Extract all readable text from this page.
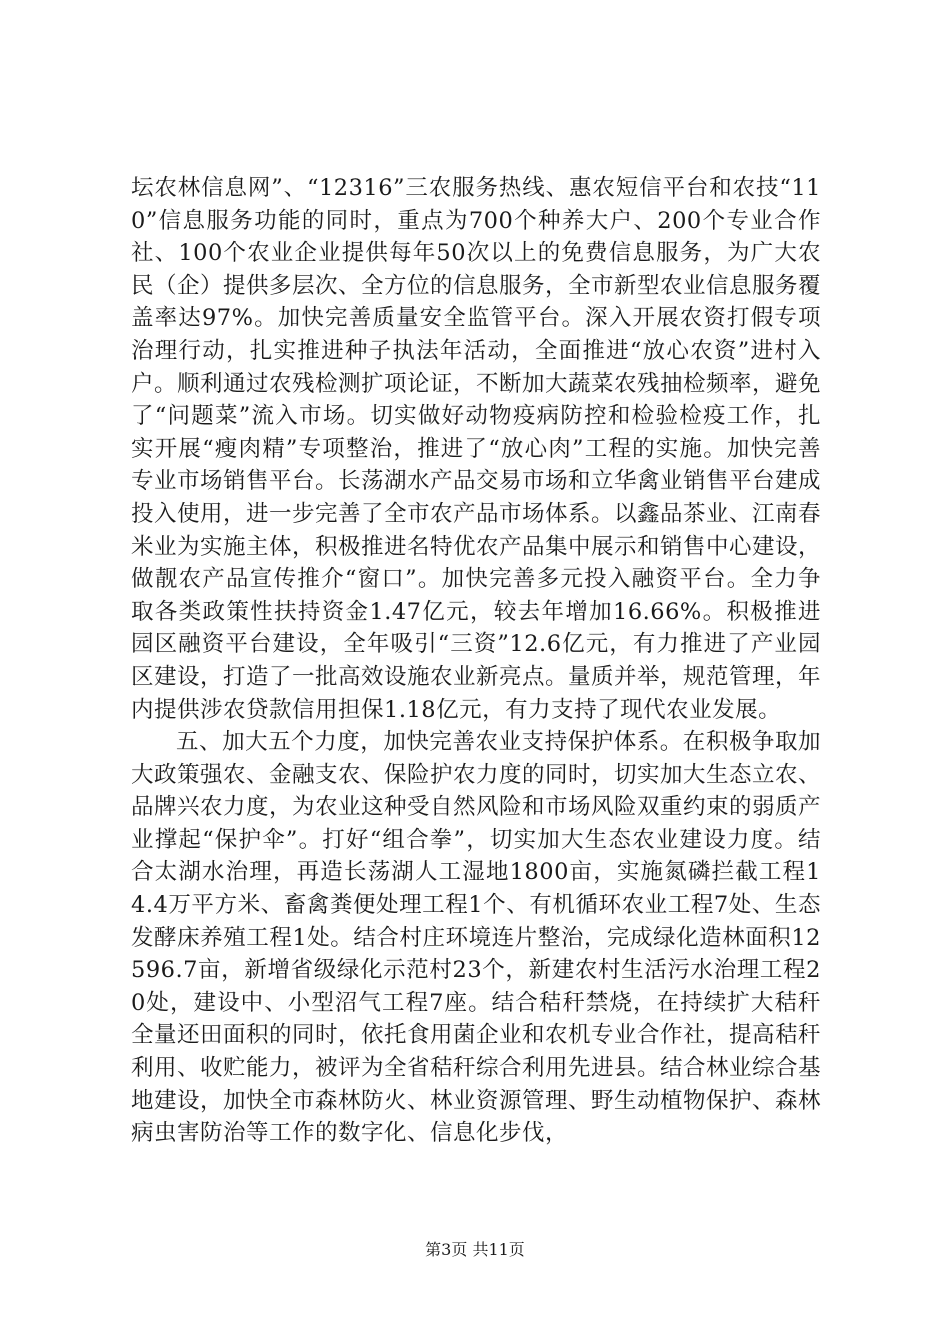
坛农林信息网”、“12316”三农服务热线、惠农短信平台和农技“110”信息服务功能的同时，重点为700个种养大户、200个专业合作社、100个农业企业提供每年50次以上的免费信息服务，为广大农民（企）提供多层次、全方位的信息服务，全市新型农业信息服务覆盖率达97%。加快完善质量安全监管平台。深入开展农资打假专项治理行动，扎实推进种子执法年活动，全面推进“放心农资”进村入户。顺利通过农残检测扩项论证，不断加大蔬菜农残抽检频率，避免了“问题菜”流入市场。切实做好动物疫病防控和检验检疫工作，扎实开展“瘦肉精”专项整治，推进了“放心肉”工程的实施。加快完善专业市场销售平台。长荡湖水产品交易市场和立华禽业销售平台建成投入使用，进一步完善了全市农产品市场体系。以鑫品茶业、江南春米业为实施主体，积极推进名特优农产品集中展示和销售中心建设，做靓农产品宣传推介“窗口”。加快完善多元投入融资平台。全力争取各类政策性扶持资金1.47亿元，较去年增加16.66%。积极推进园区融资平台建设，全年吸引“三资”12.6亿元，有力推进了产业园区建设，打造了一批高效设施农业新亮点。量质并举，规范管理，年内提供涉农贷款信用担保1.18亿元，有力支持了现代农业发展。

五、加大五个力度，加快完善农业支持保护体系。在积极争取加大政策强农、金融支农、保险护农力度的同时，切实加大生态立农、品牌兴农力度，为农业这种受自然风险和市场风险双重约束的弱质产业撑起“保护伞”。打好“组合拳”，切实加大生态农业建设力度。结合太湖水治理，再造长荡湖人工湿地1800亩，实施氮磷拦截工程14.4万平方米、畜禽粪便处理工程1个、有机循环农业工程7处、生态发酵床养殖工程1处。结合村庄环境连片整治，完成绿化造林面积12596.7亩，新增省级绿化示范村23个，新建农村生活污水治理工程20处，建设中、小型沼气工程7座。结合秸秆禁烧，在持续扩大秸秆全量还田面积的同时，依托食用菌企业和农机专业合作社，提高秸秆利用、收贮能力，被评为全省秸秆综合利用先进县。结合林业综合基地建设，加快全市森林防火、林业资源管理、野生动植物保护、森林病虫害防治等工作的数字化、信息化步伐，

第3页 共11页
